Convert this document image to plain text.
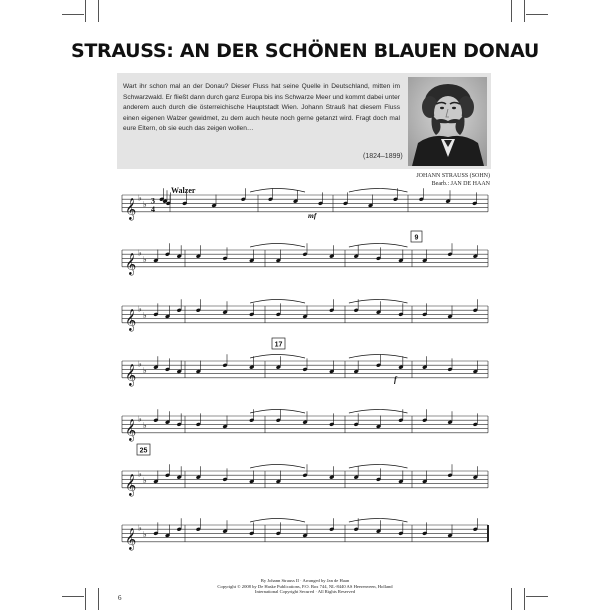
STRAUSS: AN DER SCHÖNEN BLAUEN DONAU
Wart ihr schon mal an der Donau? Dieser Fluss hat seine Quelle in Deutschland, mitten im Schwarzwald. Er fließt dann durch ganz Europa bis ins Schwarze Meer und kommt dabei unter anderem auch durch die österreichische Hauptstadt Wien. Johann Strauß hat diesem Fluss einen eigenen Walzer gewidmet, zu dem auch heute noch gerne getanzt wird. Fragt doch mal eure Eltern, ob sie euch das zeigen wollen…
(1824–1899)
JOHANN STRAUSS (SOHN)
Bearb.: JAN DE HAAN
𝄞 ♭
♭ 3
4
𝄞 ♭
♭
𝄞 ♭
♭
𝄞 ♭
♭
𝄞 ♭
♭
𝄞 ♭
♭
𝄞 ♭
♭
Walzer
mf
f
9
17
25
By Johann Strauss II · Arranged by Jan de Haan
Copyright © 2008 by De Haske Publications, P.O. Box 744, NL-8440 AS Heerenveen, Holland
International Copyright Secured · All Rights Reserved
6
